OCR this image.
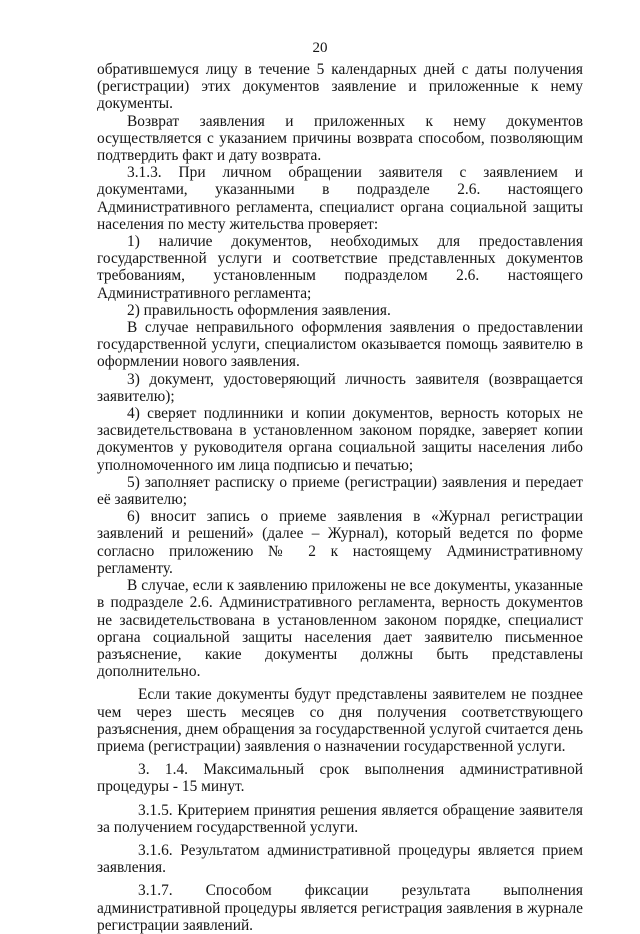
20

обратившемуся лицу в течение 5 календарных дней с даты получения (регистрации) этих документов заявление и приложенные к нему документы.

Возврат заявления и приложенных к нему документов осуществляется с указанием причины возврата способом, позволяющим подтвердить факт и дату возврата.

3.1.3. При личном обращении заявителя с заявлением и документами, указанными в подразделе 2.6. настоящего Административного регламента, специалист органа социальной защиты населения по месту жительства проверяет:

1) наличие документов, необходимых для предоставления государственной услуги и соответствие представленных документов требованиям, установленным подразделом 2.6. настоящего Административного регламента;

2) правильность оформления заявления.

В случае неправильного оформления заявления о предоставлении государственной услуги, специалистом оказывается помощь заявителю в оформлении нового заявления.

3) документ, удостоверяющий личность заявителя (возвращается заявителю);

4) сверяет подлинники и копии документов, верность которых не засвидетельствована в установленном законом порядке, заверяет копии документов у руководителя органа социальной защиты населения либо уполномоченного им лица подписью и печатью;

5) заполняет расписку о приеме (регистрации) заявления и передает её заявителю;

6) вносит запись о приеме заявления в «Журнал регистрации заявлений и решений» (далее – Журнал), который ведется по форме согласно приложению № 2 к настоящему Административному регламенту.

В случае, если к заявлению приложены не все документы, указанные в подразделе 2.6. Административного регламента, верность документов не засвидетельствована в установленном законом порядке, специалист органа социальной защиты населения дает заявителю письменное разъяснение, какие документы должны быть представлены дополнительно.

Если такие документы будут представлены заявителем не позднее чем через шесть месяцев со дня получения соответствующего разъяснения, днем обращения за государственной услугой считается день приема (регистрации) заявления о назначении государственной услуги.

3. 1.4. Максимальный срок выполнения административной процедуры - 15 минут.

3.1.5. Критерием принятия решения является обращение заявителя за получением государственной услуги.

3.1.6. Результатом административной процедуры является прием заявления.

3.1.7. Способом фиксации результата выполнения административной процедуры является регистрация заявления в журнале регистрации заявлений.
